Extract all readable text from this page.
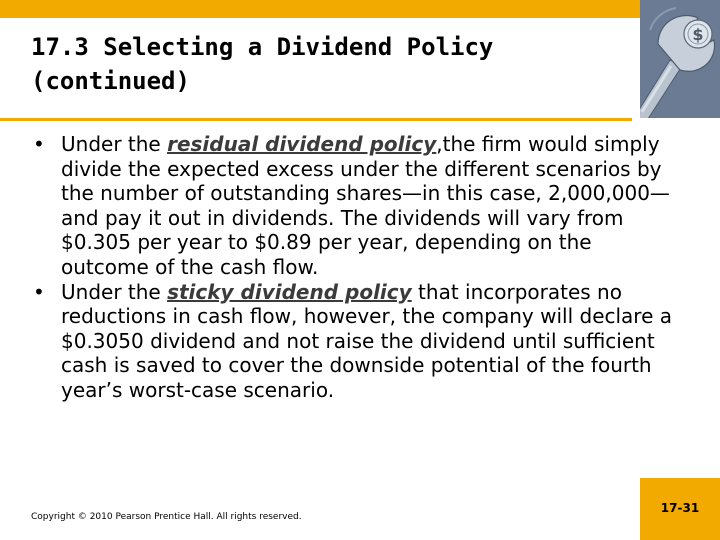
$
17.3 Selecting a Dividend Policy
(continued)
• Under the residual dividend policy,the firm would simply divide the expected excess under the different scenarios by the number of outstanding shares—in this case, 2,000,000—and pay it out in dividends. The dividends will vary from $0.305 per year to $0.89 per year, depending on the outcome of the cash flow.
• Under the sticky dividend policy that incorporates no reductions in cash flow, however, the company will declare a $0.3050 dividend and not raise the dividend until sufficient cash is saved to cover the downside potential of the fourth year’s worst-case scenario.
Copyright © 2010 Pearson Prentice Hall. All rights reserved.
17-31
